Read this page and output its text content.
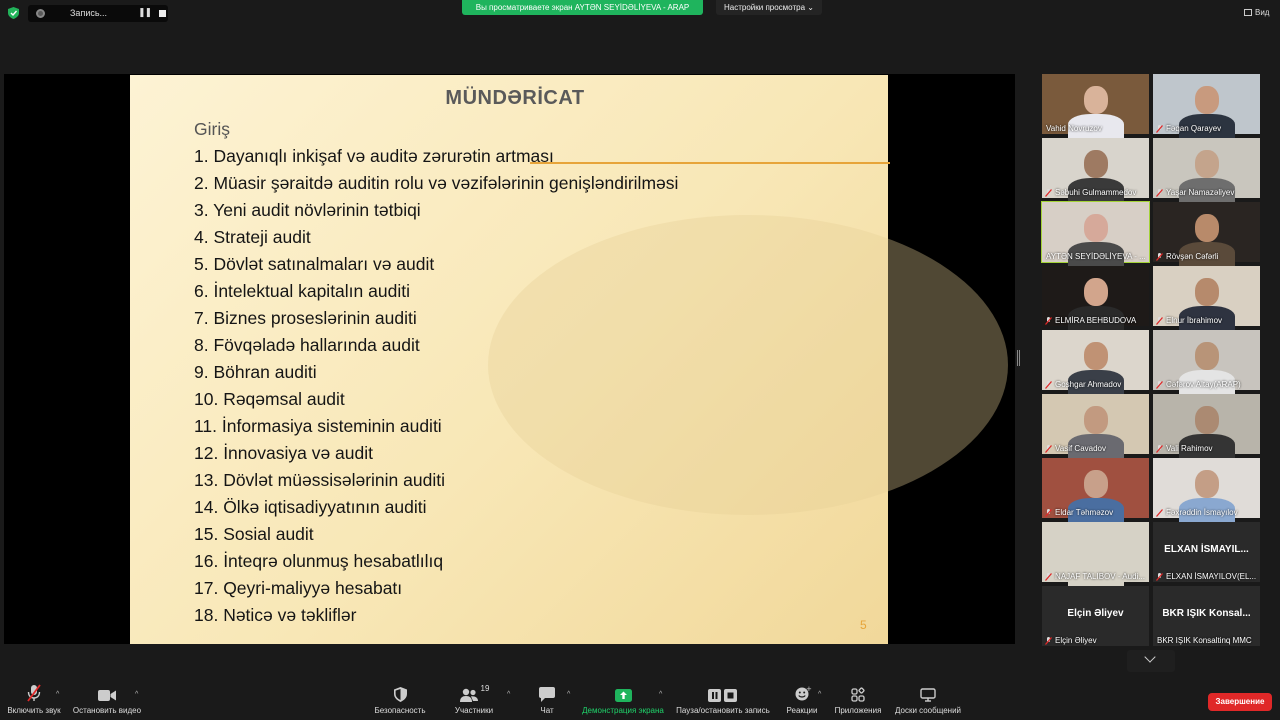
Запись...	❚❚	Вы просматриваете экран AYTƏN SEYİDƏLİYEVA - ARAP	Настройки просмотра ⌄
Вид
MÜNDƏRİCAT
Giriş
1. Dayanıqlı inkişaf və auditə zərurətin artması
2. Müasir şəraitdə auditin rolu və vəzifələrinin genişləndirilməsi
3. Yeni audit növlərinin tətbiqi
4. Strateji audit
5. Dövlət satınalmaları və audit
6. İntelektual kapitalın auditi
7. Biznes proseslərinin auditi
8. Fövqəladə hallarında audit
9. Böhran auditi
10. Rəqəmsal audit
11. İnformasiya sisteminin auditi
12. İnnovasiya və audit
13. Dövlət müəssisələrinin auditi
14. Ölkə iqtisadiyyatının auditi
15. Sosial audit
16. İnteqrə olunmuş hesabatlılıq
17. Qeyri-maliyyə hesabatı
18. Nəticə və təkliflər	5
Vahid Novruzov	Fəqan Qarayev
Səbuhi Gulmammedov	Yaşar Namazəliyev
AYTƏN SEYİDƏLİYEVA - ...	Rövşən Cəfərli
ELMİRA BEHBUDOVA	Elnur İbrahimov
Goshgar Ahmadov	Cəfərov Altay(ARAP)
Vasif Cavadov	Vali Rahimov
Eldar Təhməzov	Fəxrəddin İsmayılov
NAJAF TALIBOV - Audi...
ELXAN İSMAYIL...
ELXAN İSMAYILOV(EL...
Elçin Əliyev
Elçin Əliyev
BKR IŞIK Konsal...
BKR IŞIK Konsaltinq MMC
Включить звук
^
Остановить видео
^
Безопасность
19
Участники
^
Чат
^
Демонстрация экрана
^
Пауза/остановить запись
+
Реакции
^
Приложения	Доски сообщений
Завершение
